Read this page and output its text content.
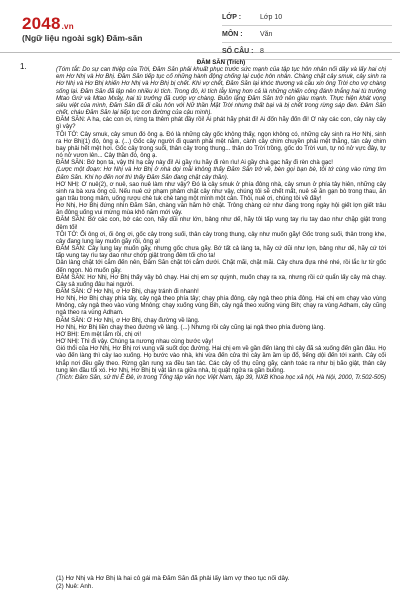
2048.vn
(Ngữ liệu ngoài sgk) Đăm-săn
LỚP :	Lớp 10
MÔN :	Văn
SỐ CÂU : 8
1.	ĐĂM SĂN (Trích)

(Tóm tắt: Do sự can thiệp của Trời, Đăm Săn phải khuất phục trước sức mạnh của tập tục hôn nhân nối dây và lấy hai chị em Hơ Nhị và Hơ Bhị. Đăm Săn tiếp tục cố những hành động chống lại cuộc hôn nhân. Chàng chặt cây smuk, cây sinh ra Hơ Nhị và Hơ Bhị khiến Hơ Nhị và Hơ Bhị bị chết. Khi vợ chết, Đăm Săn lại khóc thương và cầu xin ông Trời cho vợ chàng sống lại. Đăm Săn đã lập nên nhiều kì tích. Trong đó, kì tích lẫy lừng hơn cả là những chiến công đánh thắng hai tù trưởng Mtao Grứ và Mtao Mxây, hai tù trưởng đã cướp vợ chàng. Buồn lặng Đăm Săn trở nên giàu mạnh. Thực hiện khát vọng siêu việt của mình, Đăm Săn đã đi cầu hôn với Nữ thần Mặt Trời nhưng thất bại và bị chết trong rừng sáp đen. Đăm Săn chết, cháu Đăm Săn lại tiếp tục con đường của cậu mình).

ĐĂM SĂN: A ha, các con ơi, rừng ta thêm phát đầy rồi! Ai phát hãy phát đi! Ai đốn hãy đốn đi! Ơ này các con, cây này cây gì vậy?

TÔI TỚ: Cây smuk, cây smun đó ông ạ. Đó là những cây gốc không thấy, ngọn không có, những cây sinh ra Hơ Nhị, sinh ra Hơ Bhị(1) đó, ông ạ. (...) Gốc cây người đi quanh phải mệt nằm, cành cây chim chuyền phải mệt thằng, tán cây chim bay phải hết mệt hơi. Gốc cây trong suối, thân cây trong thung... thân do Trời trồng, gốc do Trời vun, tự nó nở vực đây, tự nó nở vươn lên... Cây thần đó, ông ạ.

ĐĂM SĂN: Bớ bọn ta, vậy thì hạ cây này đi! Ai gầy rìu hãy đi rèn rìu! Ai gầy chà gạc hãy đi rèn chà gạc!

(Lược một đoạn: Hơ Nhị và Hơ Bhị ở nhà dọi mãi không thấy Đăm Săn trở về, bèn gọi bạn bè, tôi tớ cùng vào rừng tìm Đăm Săn. Khi họ đến nơi thì thấy Đăm Săn đang chặt cây thần).

HƠ NHỊ: Ơ nuê(2), ơ nuê, sao nuê làm như vậy? Đó là cây smuk ở phía đông nhà, cây smun ở phía tây hiên, những cây sinh ra bà xưa ông cũ. Nếu nuê cứ phạm phảm chặt cây như vậy, chúng tôi sẽ chết mất, nuê sẽ ăn gạn bò trong thau, ăn gạn trâu trong mâm, uống rượu chè tuk chè tang một mình một cân. Thôi, nuê ơi, chúng tôi về đây!

Hơ Nhị, Hơ Bhị đứng nhìn Đăm Săn, chàng vẫn hăm hở chặt. Trông chàng cứ như đang trong ngày hội giết lợn giết trâu ăn đông uống vui mừng mùa khô năm mới vậy.

ĐĂM SĂN: Bớ các con, bớ các con, hãy dũi như lớn, bảng như dế, hãy tôi tấp vung tay rìu tay dao như chặp giật trong đêm tối!

TÔI TỚ: Ối ông ơi, ối ông ơi, gốc cây trong suối, thân cây trong thung, cây như muốn gãy! Gốc trong suối, thân trong khe, cây đang lung lay muốn gãy rồi, ông ạ!

ĐĂM SĂN: Cây lung lay muốn gãy, nhưng gốc chưa gãy. Bớ tất cả làng ta, hãy cứ dũi như lợn, bảng như dế, hãy cứ tới tấp vung tay rìu tay dao như chớp giật trong đêm tối cho ta!

Dân làng chặt tới cắm đến nên, Đăm Săn chặt tới cắm dưới. Chặt mãi, chặt mãi. Cây chưa đựa nhé nhé, rồi lắc lư từ gốc đến ngọn. Nó muốn gãy.

ĐĂM SĂN: Hơ Nhị, Hơ Bhị thấy vậy bỏ chạy. Hai chị em sợ quỳnh, muốn chạy ra xa, nhưng rồi cứ quẩn lấy cây mà chạy. Cây sả xuống đâu hai người.

ĐĂM SĂN: Ơ Hơ Nhị, ơ Hơ Bhị, chạy tránh đi nhanh!

Hơ Nhị, Hơ Bhị chạy phía tây, cây ngả theo phía tây; chạy phía đông, cây ngả theo phía đông. Hai chị em chạy vào vùng Mnông, cây ngả theo vào vùng Mnông; chạy xuống vùng Bih, cây ngả theo xuống vùng Bih; chạy ra vùng Adham, cây cũng ngả theo ra vùng Adham.

ĐĂM SĂN: Ơ Hơ Nhị, ơ Hơ Bhị, chạy đường về làng.

Hơ Nhị, Hơ Bhị liền chạy theo đường về làng. (...) Nhưng rồi cây cũng lại ngả theo phía đường làng.

HƠ BHỊ: Em mệt lắm rồi, chị ơi!

HƠ NHỊ: Thì đi vậy. Chúng ta nương nhau cùng bước vậy!

Gió thổi của Hơ Nhị, Hơ Bhị rơi vung vãi suốt dọc đường. Hai chị em về gần đến làng thì cây đã sả xuống đến gần đâu. Họ vào đến làng thì cây lao xuống. Họ bước vào nhà, khi vừa đến cửa thì cây ầm ầm úp đổ, tiếng dội đến tới xanh. Cây cối khắp nơi đều gãy theo. Rừng gần rung xa đều tan tác. Các cây cổ thụ cũng gãy, cành toác ra như bị bão giật, thân cây tung lên đầu tối xó. Hơ Nhị, Hơ Bhị bị vật lăn ra giữa nhà, bị quật ngửa ra gần buồng.

(Trích: Đăm Săn, sử thi Ê Đê, in trong Tổng tập văn học Việt Nam, tập 39, NXB Khoa học xã hội, Hà Nội, 2000, Tr.502-505)

(1) Hơ Nhị và Hơ Bhị là hai cô gái mà Đăm Săn đã phải lấy làm vợ theo tục nối dây.

(2) Nuê: Anh.
